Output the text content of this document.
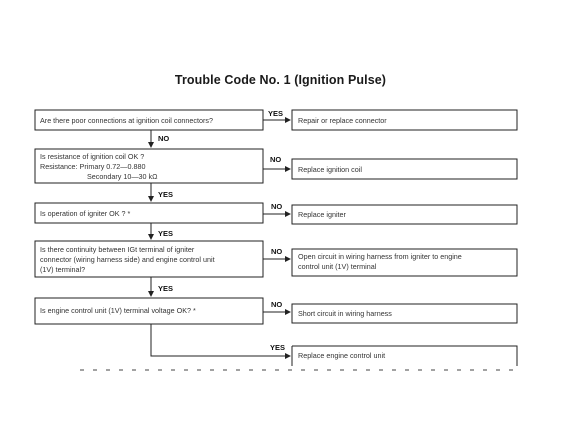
Trouble Code No. 1 (Ignition Pulse)
Are there poor connections at ignition coil connectors?
Is resistance of ignition coil OK ?
Resistance: Primary 0.72—0.880
Secondary 10—30 kΩ
Is operation of igniter OK ? *
Is there continuity between IGt terminal of igniter
connector (wiring harness side) and engine control unit
(1V) terminal?
Is engine control unit (1V) terminal voltage OK? *
Repair or replace connector
Replace ignition coil
Replace igniter
Open circuit in wiring harness from igniter to engine
control unit (1V) terminal
Short circuit in wiring harness
Replace engine control unit
YES
NO
NO
NO
NO
NO
YES
YES
YES
YES
